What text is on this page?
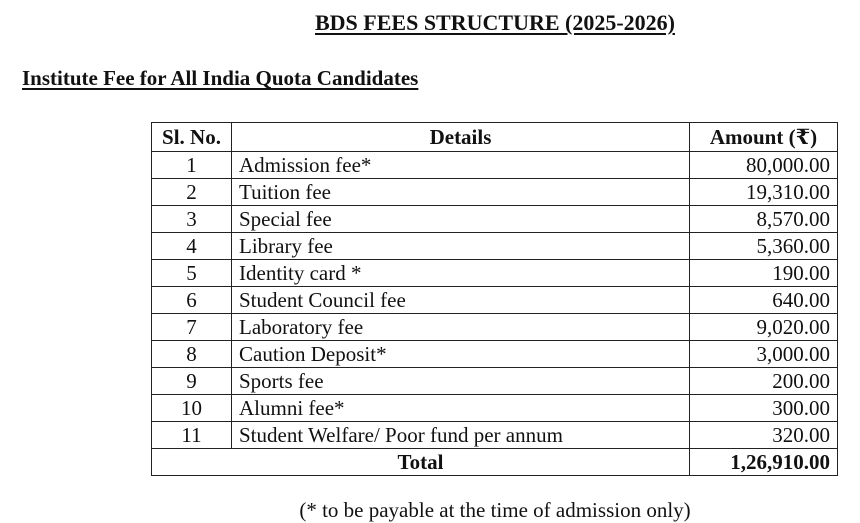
BDS FEES STRUCTURE (2025-2026)
Institute Fee for All India Quota Candidates
Sl. No.	Details	Amount (₹)
1	Admission fee*	80,000.00
2	Tuition fee	19,310.00
3	Special fee	8,570.00
4	Library fee	5,360.00
5	Identity card *	190.00
6	Student Council fee	640.00
7	Laboratory fee	9,020.00
8	Caution Deposit*	3,000.00
9	Sports fee	200.00
10	Alumni fee*	300.00
11	Student Welfare/ Poor fund per annum	320.00
Total		1,26,910.00
(* to be payable at the time of admission only)
